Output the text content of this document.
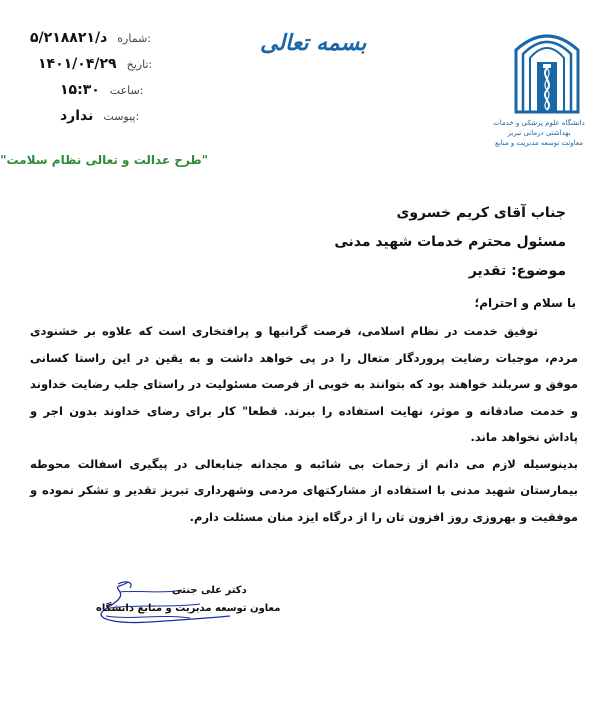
۵/د/۲۱۸۸۲۱ شماره:
۱۴۰۱/۰۴/۲۹ تاریخ:
۱۵:۳۰ ساعت:
ندارد پیوست:
بسمه تعالی
دانشگاه علوم پزشکی و خدمات بهداشتی درمانی تبریز
معاونت توسعه مدیریت و منابع
"طرح عدالت و تعالی نظام سلامت"
جناب آقای کریم خسروی
مسئول محترم خدمات شهید مدنی
موضوع: تقدیر
با سلام و احترام؛

توفیق خدمت در نظام اسلامی، فرصت گرانبها و پرافتخاری است که علاوه بر خشنودی مردم، موجبات رضایت پروردگار متعال را در پی خواهد داشت و به یقین در این راستا کسانی موفق و سربلند خواهند بود که بتوانند به خوبی از فرصت مسئولیت در راستای جلب رضایت خداوند و خدمت صادقانه و موثر، نهایت استفاده را ببرند. قطعا" کار برای رضای خداوند بدون اجر و پاداش نخواهد ماند.

بدینوسیله لازم می دانم از زحمات بی شائبه و مجدانه جنابعالی در پیگیری اسفالت محوطه بیمارستان شهید مدنی با استفاده از مشارکتهای مردمی وشهرداری تبریز تقدیر و تشکر نموده و موفقیت و بهروزی روز افزون تان را از درگاه ایزد منان مسئلت دارم.

دکتر علی جنتی
معاون توسعه مدیریت و منابع دانشگاه
